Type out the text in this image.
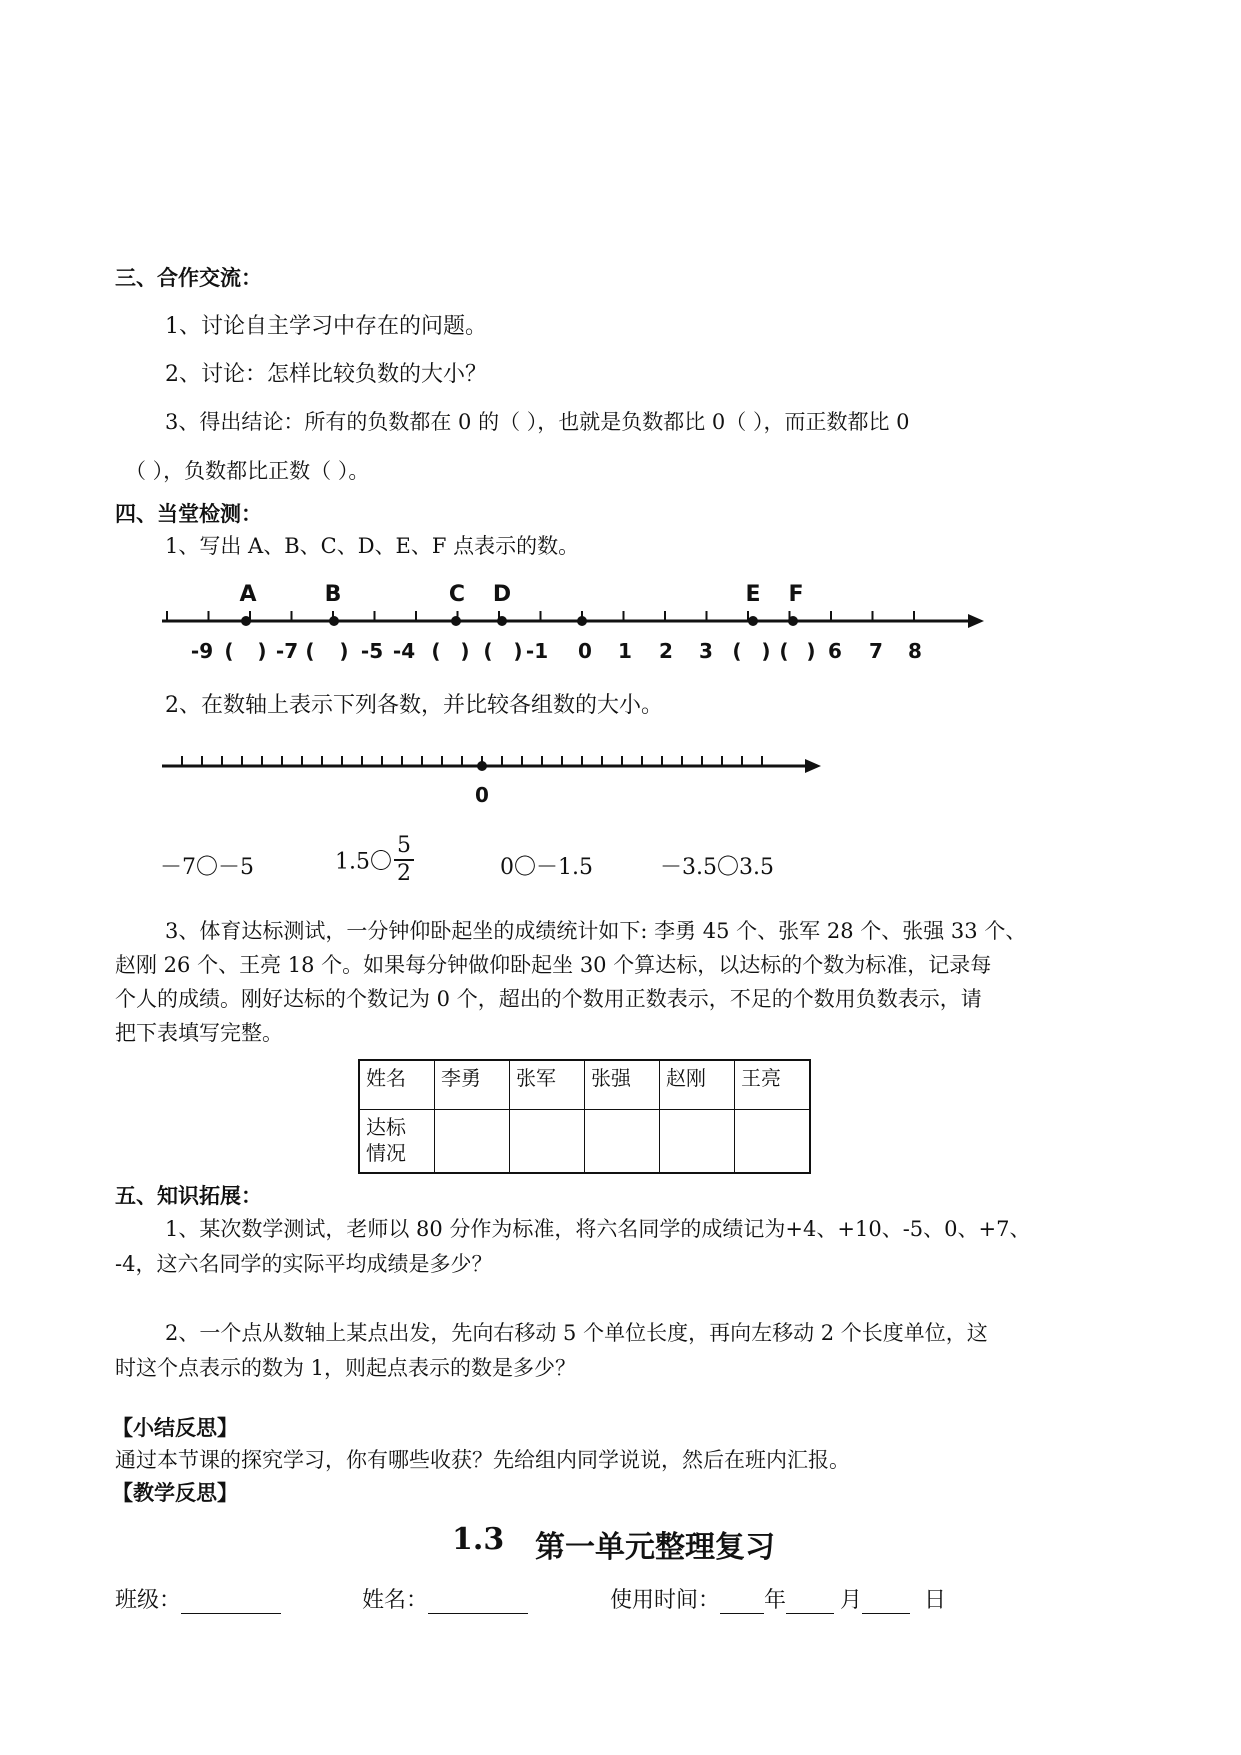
三、合作交流：
1、讨论自主学习中存在的问题。
2、讨论：怎样比较负数的大小？
3、得出结论：所有的负数都在 0 的（ ），也就是负数都比 0（ ），而正数都比 0
（ ），负数都比正数（ ）。
四、当堂检测：
1、写出 A、B、C、D、E、F 点表示的数。
A	B	C D	E F
-9 ( ) -7 ( ) -5 -4 ( ) ( ) -1 0 1 2 3 ( ) ( ) 6 7 8
2、在数轴上表示下列各数，并比较各组数的大小。
0
－7〇－5	1.5〇 $\frac{5}{2}$	0〇－1.5	－3.5〇3.5
3、体育达标测试，一分钟仰卧起坐的成绩统计如下: 李勇 45 个、张军 28 个、张强 33 个、
赵刚 26 个、王亮 18 个。如果每分钟做仰卧起坐 30 个算达标，以达标的个数为标准，记录每
个人的成绩。刚好达标的个数记为 0 个，超出的个数用正数表示，不足的个数用负数表示，请
把下表填写完整。
姓名	李勇	张军	张强	赵刚	王亮
达标
情况					
五、知识拓展：
1、某次数学测试，老师以 80 分作为标准，将六名同学的成绩记为+4、+10、-5、0、+7、
-4，这六名同学的实际平均成绩是多少？
2、一个点从数轴上某点出发，先向右移动 5 个单位长度，再向左移动 2 个长度单位，这
时这个点表示的数为 1，则起点表示的数是多少？
【小结反思】
通过本节课的探究学习，你有哪些收获？先给组内同学说说，然后在班内汇报。
【教学反思】
1.3 第一单元整理复习
班级：	姓名：	使用时间： 年 月	日
